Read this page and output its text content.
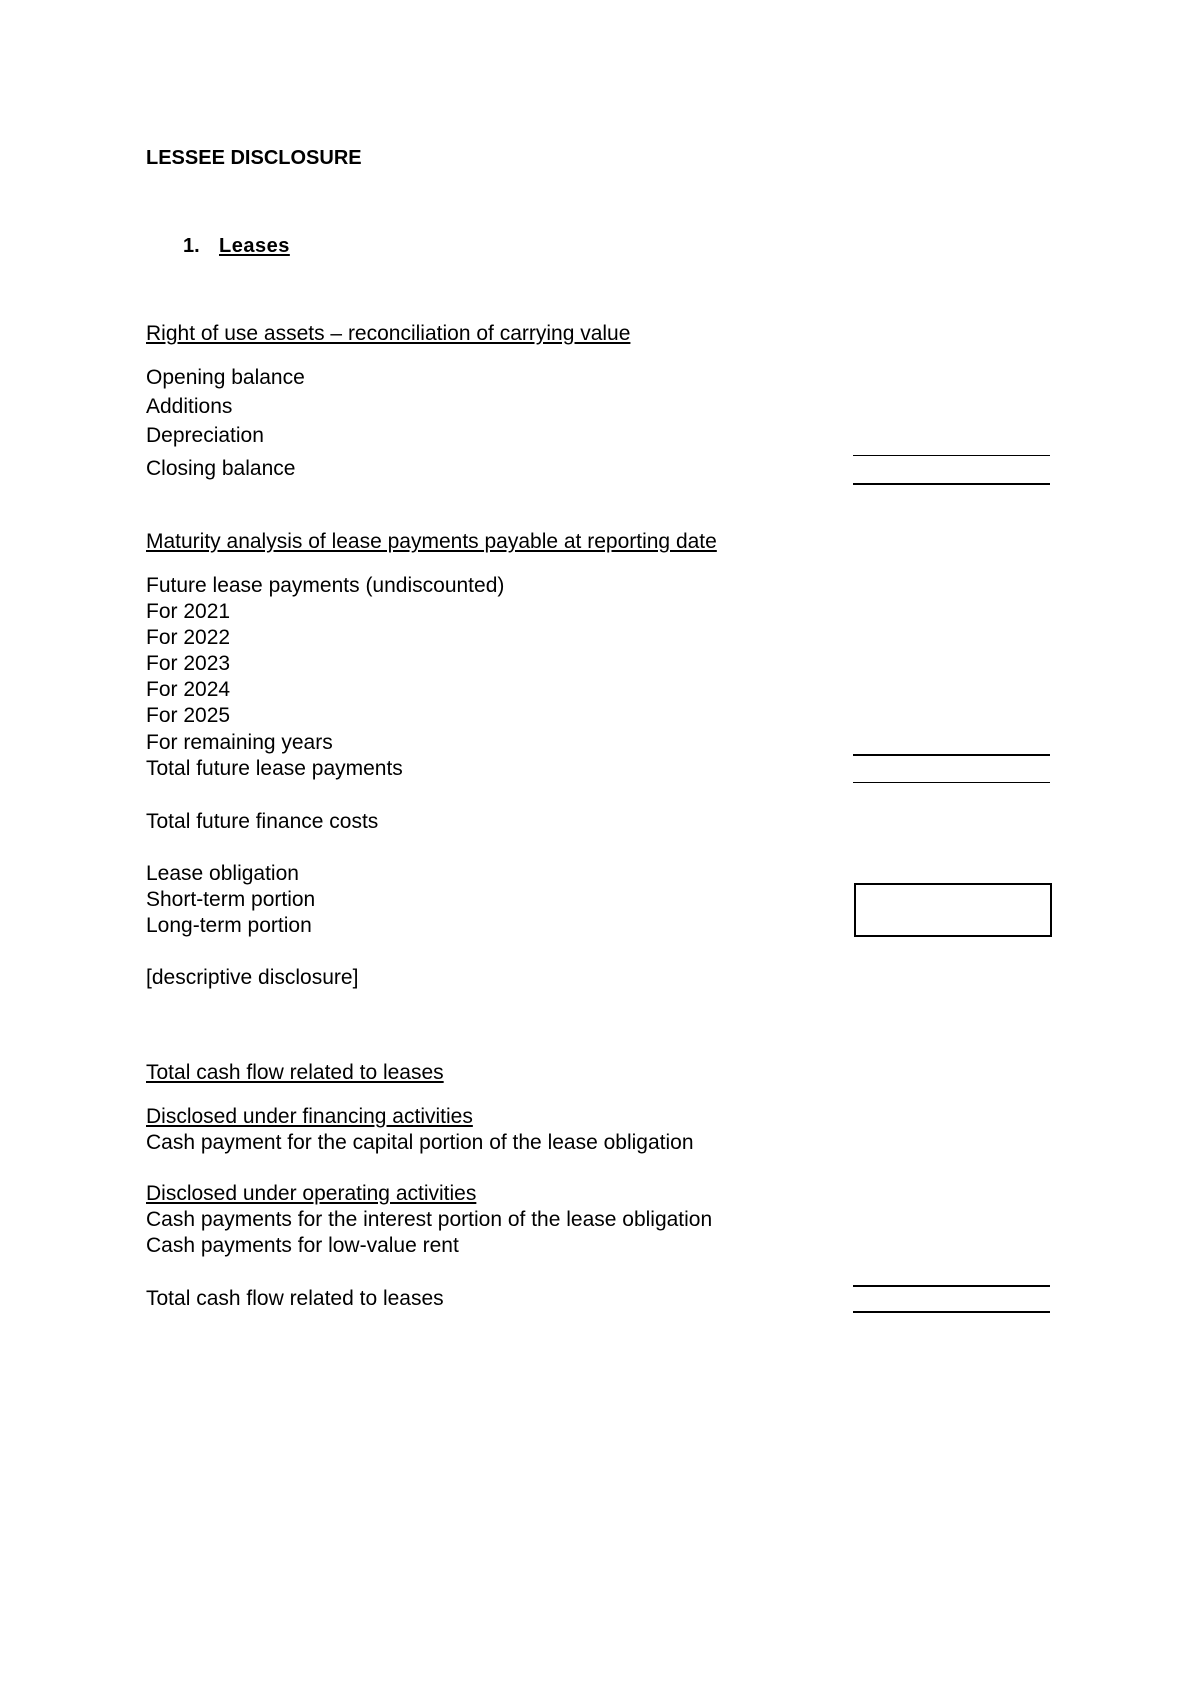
LESSEE DISCLOSURE
1. Leases
Right of use assets – reconciliation of carrying value
Opening balance
Additions
Depreciation
Closing balance
Maturity analysis of lease payments payable at reporting date
Future lease payments (undiscounted)
For 2021
For 2022
For 2023
For 2024
For 2025
For remaining years
Total future lease payments
Total future finance costs
Lease obligation
Short-term portion
Long-term portion
[descriptive disclosure]
Total cash flow related to leases
Disclosed under financing activities
Cash payment for the capital portion of the lease obligation
Disclosed under operating activities
Cash payments for the interest portion of the lease obligation
Cash payments for low-value rent
Total cash flow related to leases
